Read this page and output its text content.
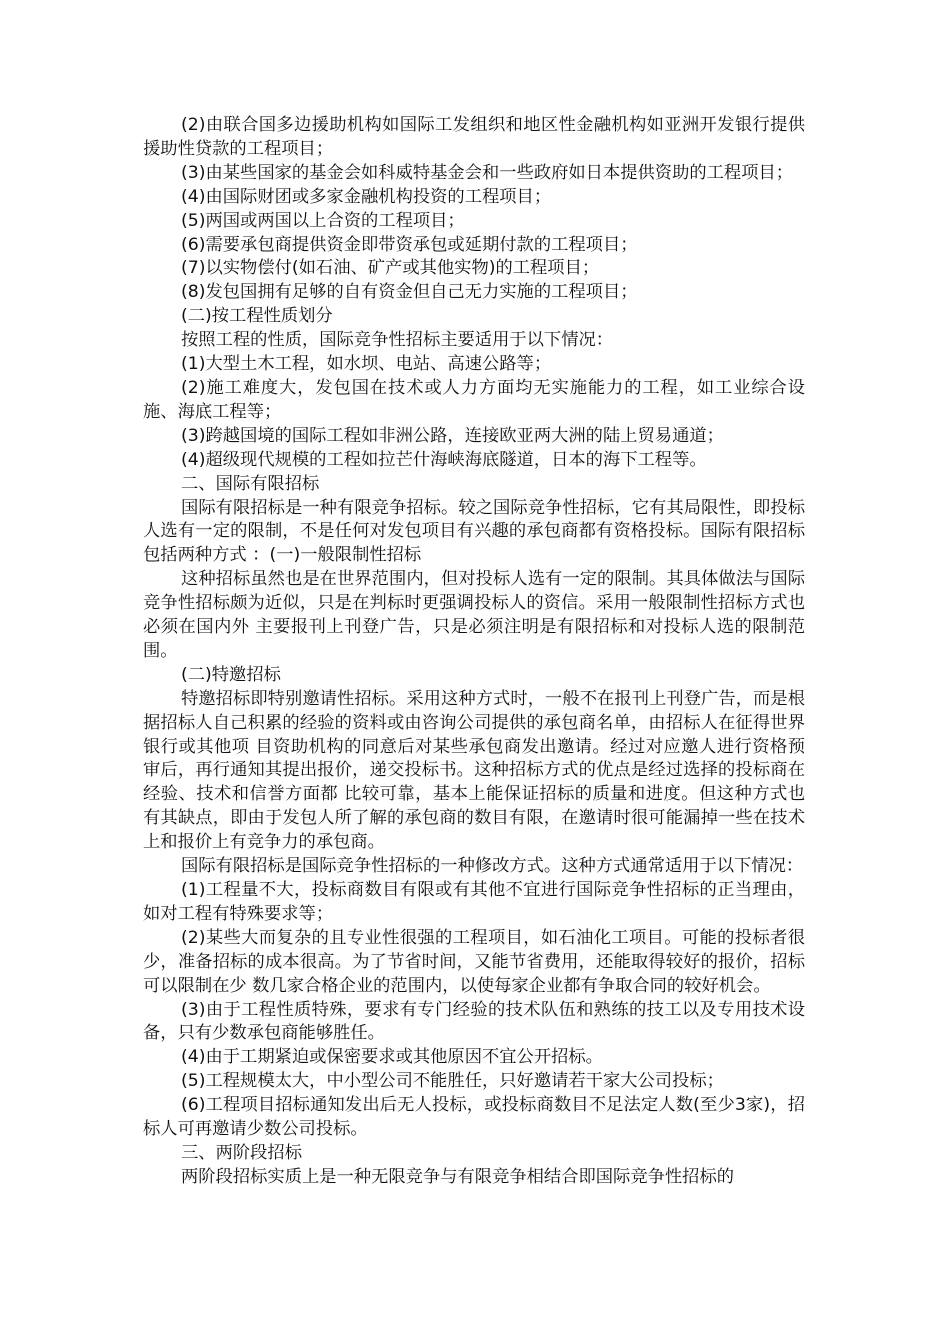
(2)由联合国多边援助机构如国际工发组织和地区性金融机构如亚洲开发银行提供援助性贷款的工程项目；

(3)由某些国家的基金会如科威特基金会和一些政府如日本提供资助的工程项目；

(4)由国际财团或多家金融机构投资的工程项目；

(5)两国或两国以上合资的工程项目；

(6)需要承包商提供资金即带资承包或延期付款的工程项目；

(7)以实物偿付(如石油、矿产或其他实物)的工程项目；

(8)发包国拥有足够的自有资金但自己无力实施的工程项目；

(二)按工程性质划分

按照工程的性质，国际竞争性招标主要适用于以下情况：

(1)大型土木工程，如水坝、电站、高速公路等；

(2)施工难度大，发包国在技术或人力方面均无实施能力的工程，如工业综合设施、海底工程等；

(3)跨越国境的国际工程如非洲公路，连接欧亚两大洲的陆上贸易通道；

(4)超级现代规模的工程如拉芒什海峡海底隧道，日本的海下工程等。

二、国际有限招标

国际有限招标是一种有限竞争招标。较之国际竞争性招标，它有其局限性，即投标人选有一定的限制，不是任何对发包项目有兴趣的承包商都有资格投标。国际有限招标包括两种方式 ：(一)一般限制性招标

这种招标虽然也是在世界范围内，但对投标人选有一定的限制。其具体做法与国际竞争性招标颇为近似，只是在判标时更强调投标人的资信。采用一般限制性招标方式也必须在国内外 主要报刊上刊登广告，只是必须注明是有限招标和对投标人选的限制范围。

(二)特邀招标

特邀招标即特别邀请性招标。采用这种方式时，一般不在报刊上刊登广告，而是根据招标人自己积累的经验的资料或由咨询公司提供的承包商名单，由招标人在征得世界银行或其他项 目资助机构的同意后对某些承包商发出邀请。经过对应邀人进行资格预审后，再行通知其提出报价，递交投标书。这种招标方式的优点是经过选择的投标商在经验、技术和信誉方面都 比较可靠，基本上能保证招标的质量和进度。但这种方式也有其缺点，即由于发包人所了解的承包商的数目有限，在邀请时很可能漏掉一些在技术上和报价上有竞争力的承包商。

国际有限招标是国际竞争性招标的一种修改方式。这种方式通常适用于以下情况：

(1)工程量不大，投标商数目有限或有其他不宜进行国际竞争性招标的正当理由，如对工程有特殊要求等；

(2)某些大而复杂的且专业性很强的工程项目，如石油化工项目。可能的投标者很少，准备招标的成本很高。为了节省时间，又能节省费用，还能取得较好的报价，招标可以限制在少 数几家合格企业的范围内，以使每家企业都有争取合同的较好机会。

(3)由于工程性质特殊，要求有专门经验的技术队伍和熟练的技工以及专用技术设备，只有少数承包商能够胜任。

(4)由于工期紧迫或保密要求或其他原因不宜公开招标。

(5)工程规模太大，中小型公司不能胜任，只好邀请若干家大公司投标；

(6)工程项目招标通知发出后无人投标，或投标商数目不足法定人数(至少3家)，招标人可再邀请少数公司投标。

三、两阶段招标

两阶段招标实质上是一种无限竞争与有限竞争相结合即国际竞争性招标的
